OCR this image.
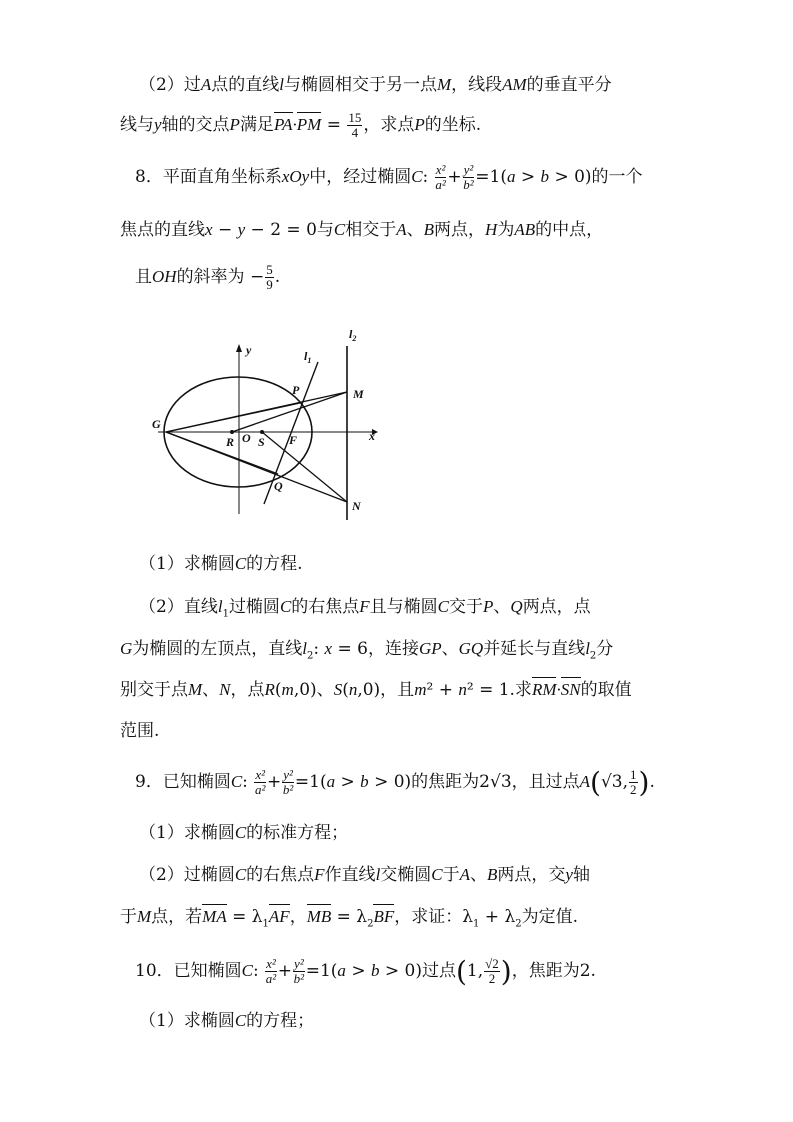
（2）过A点的直线l与椭圆相交于另一点M，线段AM的垂直平分
线与y轴的交点P满足$PA\cdot PM = \frac{15}{4}$ ，求点P的坐标.
8．平面直角坐标系xOy中，经过椭圆C: $\frac{\text{x²}}{\text{a²}} + \frac{\text{y²}}{\text{b²}} =1(a > b > 0)$的一个
焦点的直线x − y − 2 = 0与C相交于A、B两点，H为AB的中点，
且OH的斜率为 − $\frac{5}{9}$ .
y
x
$l_1$
$l_2$
P	M
G
R O S F
Q
N
（1）求椭圆C的方程.
（2）直线$l_1$过椭圆C的右焦点F且与椭圆C交于P、Q两点，点
G为椭圆的左顶点，直线$l_2$: x = 6，连接GP、GQ并延长与直线$l_2$分
别交于点M、N，点R(m,0)、S(n,0)，且m² + n² = 1.求RM·SN的取值
范围.
9．已知椭圆C: $\frac{\text{x²}}{\text{a²}} + \frac{\text{y²}}{\text{b²}} =1(a > b > 0)$的焦距为2√3，且过点A(√3, $\frac{1}{2}$ ).
（1）求椭圆C的标准方程；
（2）过椭圆C的右焦点F作直线l交椭圆C于A、B两点，交y轴
于M点，若MA = $\lambda_1AF$，MB = $\lambda_2BF$，求证：$\lambda_1 + \lambda_2$为定值.
10．已知椭圆C: $\frac{\text{x²}}{\text{a²}} + \frac{\text{y²}}{\text{b²}} =1(a > b > 0)$过点(1, $\frac{√2}{2}$ )，焦距为2.
（1）求椭圆C的方程；
